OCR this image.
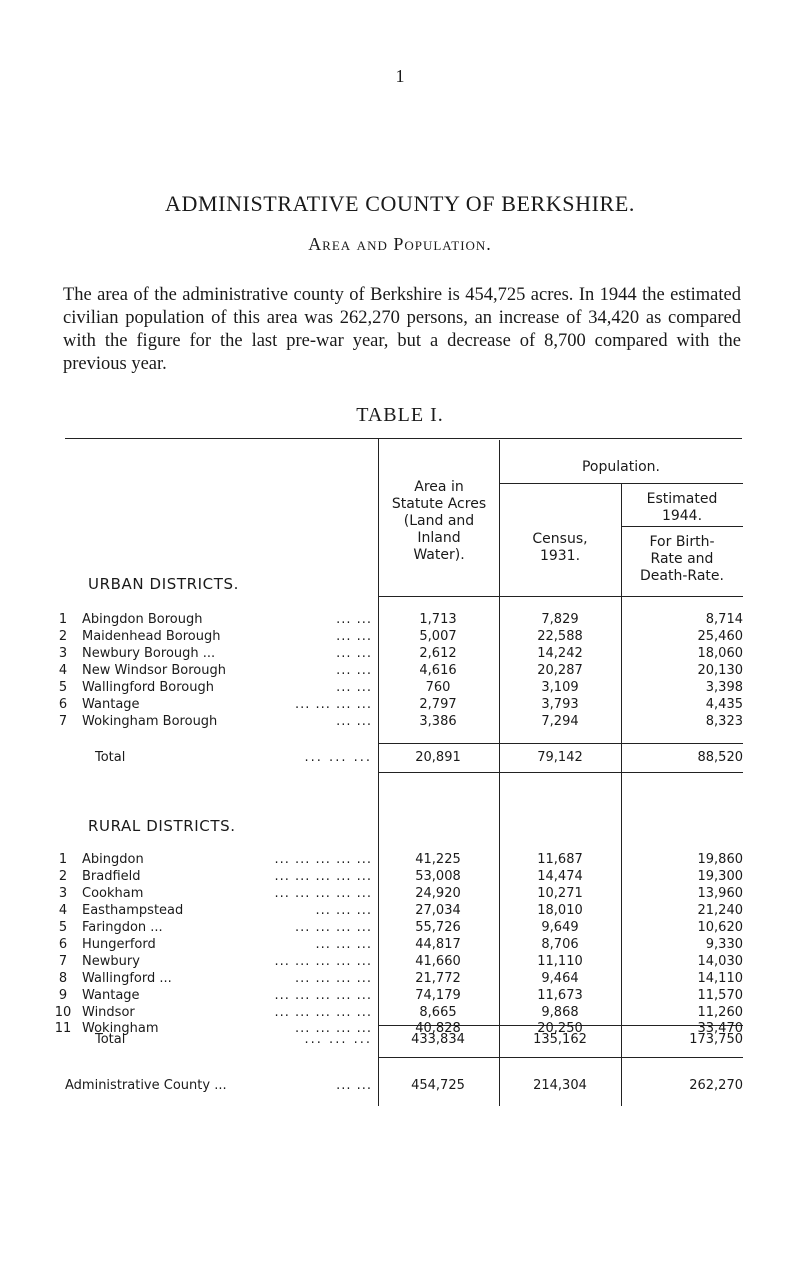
1
ADMINISTRATIVE COUNTY OF BERKSHIRE.
Area and Population.
The area of the administrative county of Berkshire is 454,725 acres. In 1944 the estimated civilian population of this area was 262,270 persons, an increase of 34,420 as compared with the figure for the last pre-war year, but a decrease of 8,700 compared with the previous year.
TABLE I.
Area in
Statute Acres
(Land and
Inland
Water).
Population.
Census,
1931.
Estimated
1944.
For Birth-
Rate and
Death-Rate.
URBAN DISTRICTS.
1	Abingdon Borough	... ...	1,713	7,829	8,714
2	Maidenhead Borough	... ...	5,007	22,588	25,460
3	Newbury Borough ...	... ...	2,612	14,242	18,060
4	New Windsor Borough	... ...	4,616	20,287	20,130
5	Wallingford Borough	... ...	760	3,109	3,398
6	Wantage	... ... ... ...	2,797	3,793	4,435
7	Wokingham Borough	... ...	3,386	7,294	8,323
Total	... ... ...	20,891	79,142	88,520
RURAL DISTRICTS.
1	Abingdon	... ... ... ... ...	41,225	11,687	19,860
2	Bradfield	... ... ... ... ...	53,008	14,474	19,300
3	Cookham	... ... ... ... ...	24,920	10,271	13,960
4	Easthampstead	... ... ...	27,034	18,010	21,240
5	Faringdon ...	... ... ... ...	55,726	9,649	10,620
6	Hungerford	... ... ...	44,817	8,706	9,330
7	Newbury	... ... ... ... ...	41,660	11,110	14,030
8	Wallingford ...	... ... ... ...	21,772	9,464	14,110
9	Wantage	... ... ... ... ...	74,179	11,673	11,570
10 Windsor	... ... ... ... ...	8,665	9,868	11,260
11 Wokingham	... ... ... ...	40,828	20,250	33,470
Total	... ... ...	433,834	135,162	173,750
Administrative County ...	... ...	454,725	214,304	262,270
